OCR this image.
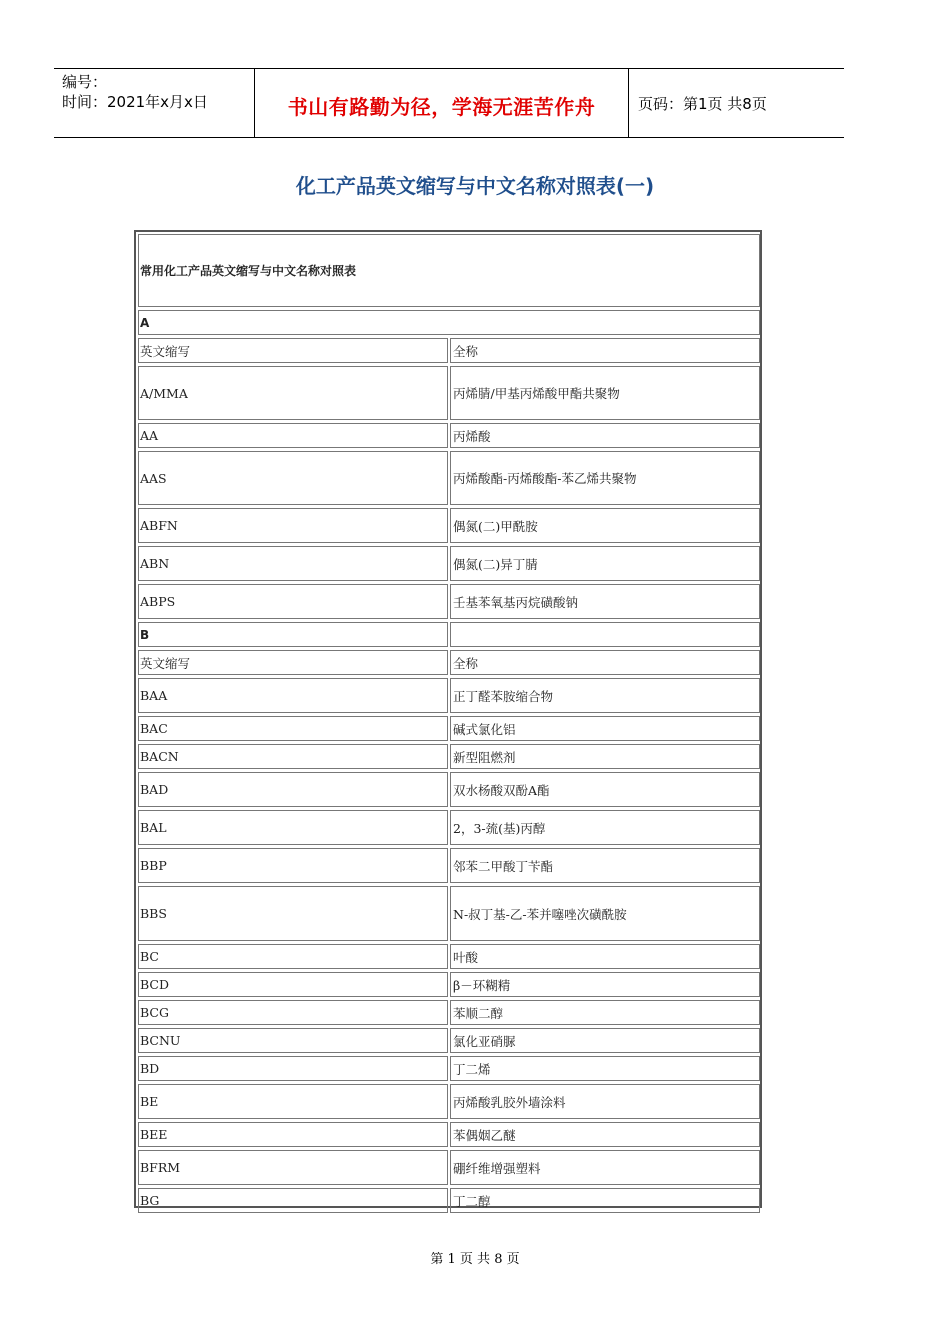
编号：
时间：2021年x月x日	书山有路勤为径，学海无涯苦作舟	页码：第1页 共8页
化工产品英文缩写与中文名称对照表(一)
常用化工产品英文缩写与中文名称对照表
A
英文缩写	全称
A/MMA	丙烯腈/甲基丙烯酸甲酯共聚物
AA	丙烯酸
AAS	丙烯酸酯-丙烯酸酯-苯乙烯共聚物
ABFN	偶氮(二)甲酰胺
ABN	偶氮(二)异丁腈
ABPS	壬基苯氧基丙烷磺酸钠
B
英文缩写	全称
BAA	正丁醛苯胺缩合物
BAC	碱式氯化铝
BACN	新型阻燃剂
BAD	双水杨酸双酚A酯
BAL	2，3-巯(基)丙醇
BBP	邻苯二甲酸丁苄酯
BBS	N-叔丁基-乙-苯并噻唑次磺酰胺
BC	叶酸
BCD	β－环糊精
BCG	苯顺二醇
BCNU	氯化亚硝脲
BD	丁二烯
BE	丙烯酸乳胶外墙涂料
BEE	苯偶姻乙醚
BFRM	硼纤维增强塑料
BG	丁二醇
第 1 页 共 8 页
